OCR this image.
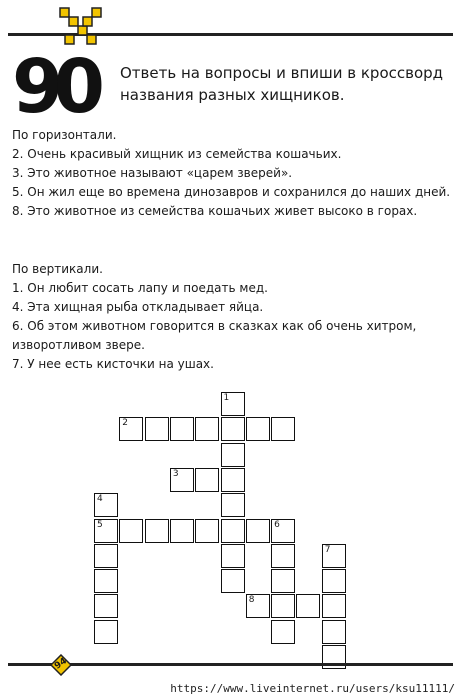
90 Ответь на вопросы и впиши в кроссворд названия разных хищников.

По горизонтали.

2. Очень красивый хищник из семейства кошачьих.

3. Это животное называют «царем зверей».

5. Он жил еще во времена динозавров и сохранился до наших дней.

8. Это животное из семейства кошачьих живет высоко в горах.

По вертикали.

1. Он любит сосать лапу и поедать мед.

4. Эта хищная рыба откладывает яйца.

6. Об этом животном говорится в сказках как об очень хитром, изворотливом звере.

7. У нее есть кисточки на ушах.

2
1
3
4
5	6
7
8
94
https://www.liveinternet.ru/users/ksu11111/
